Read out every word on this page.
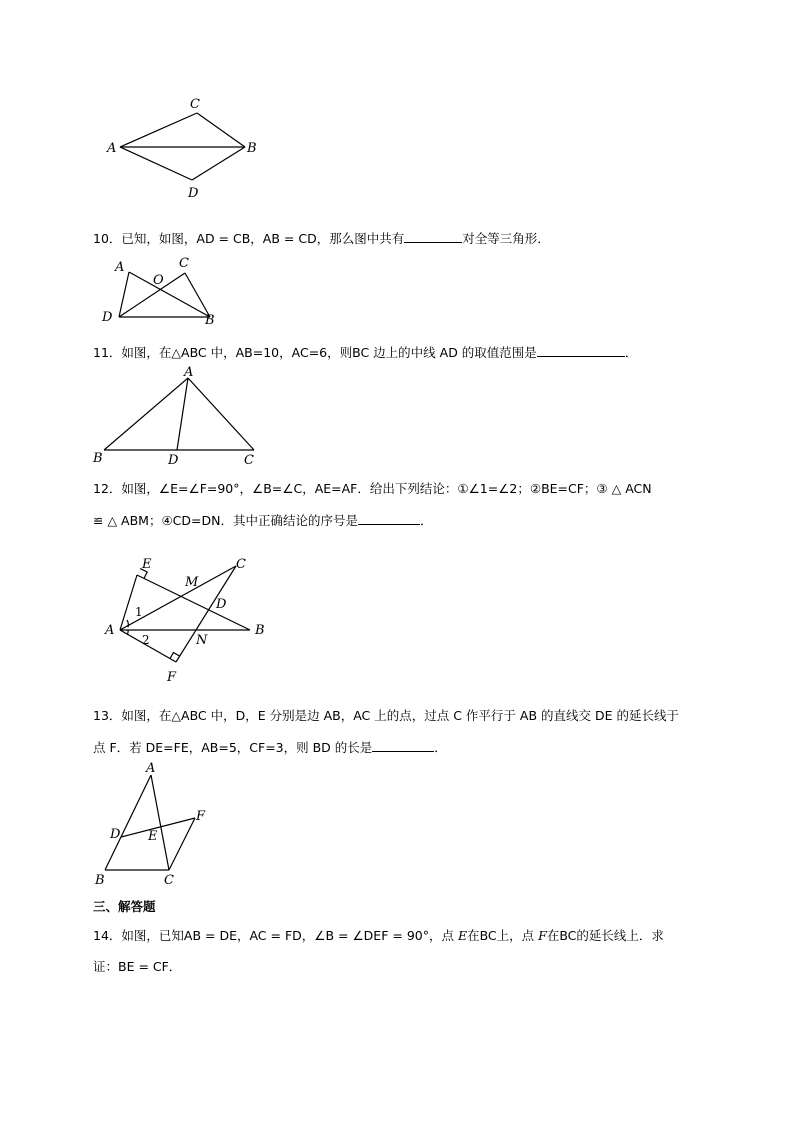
C
A	B
D
10．已知，如图，AD = CB，AB = CD，那么图中共有	对全等三角形．
A	C
O
D	B
11．如图，在△ABC 中，AB=10，AC=6，则BC 边上的中线 AD 的取值范围是	．
A
B	D	C
12．如图，∠E=∠F=90°，∠B=∠C，AE=AF．给出下列结论：①∠1=∠2；②BE=CF；③ △ ACN
≌ △ ABM；④CD=DN．其中正确结论的序号是	．
E
M
C
D
A	B
N
F
1
2
13．如图，在△ABC 中，D，E 分别是边 AB，AC 上的点，过点 C 作平行于 AB 的直线交 DE 的延长线于
点 F．若 DE=FE，AB=5，CF=3，则 BD 的长是	．
A
D E
F
B	C
三、解答题
14．如图，已知AB = DE，AC = FD，∠B = ∠DEF = 90°，点 E在BC上，点 F在BC的延长线上．求
证：BE = CF．
